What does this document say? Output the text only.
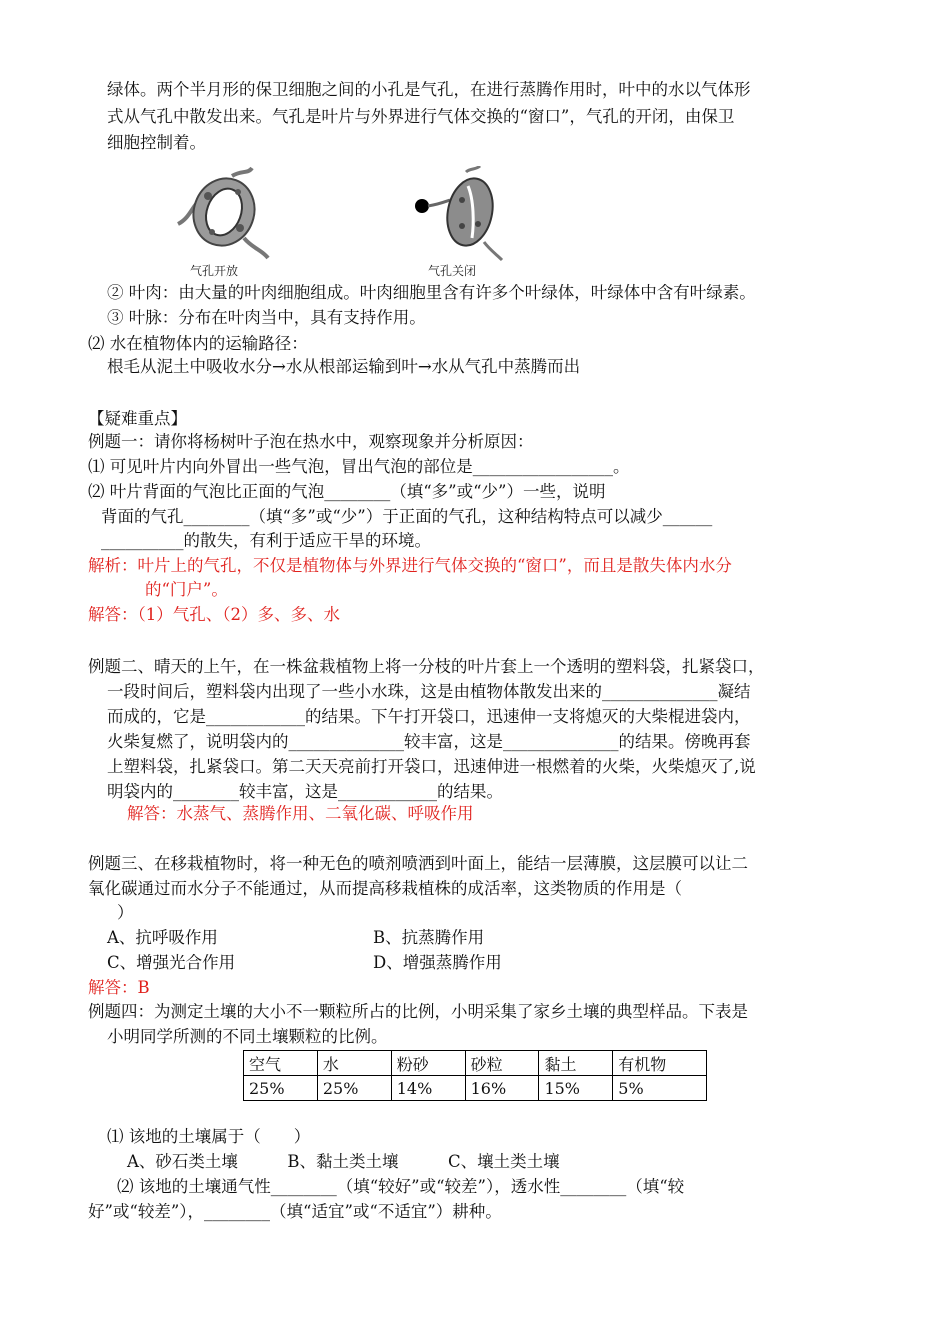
绿体。两个半月形的保卫细胞之间的小孔是气孔，在进行蒸腾作用时，叶中的水以气体形
式从气孔中散发出来。气孔是叶片与外界进行气体交换的“窗口”，气孔的开闭，由保卫
细胞控制着。
气孔开放	气孔关闭
② 叶肉：由大量的叶肉细胞组成。叶肉细胞里含有许多个叶绿体，叶绿体中含有叶绿素。
③ 叶脉：分布在叶肉当中，具有支持作用。
⑵ 水在植物体内的运输路径：
根毛从泥土中吸收水分→水从根部运输到叶→水从气孔中蒸腾而出
【疑难重点】
例题一：请你将杨树叶子泡在热水中，观察现象并分析原因：
⑴ 可见叶片内向外冒出一些气泡，冒出气泡的部位是_________________。
⑵ 叶片背面的气泡比正面的气泡________（填“多”或“少”）一些，说明
背面的气孔________（填“多”或“少”）于正面的气孔，这种结构特点可以减少______
__________的散失，有利于适应干旱的环境。
解析：叶片上的气孔，不仅是植物体与外界进行气体交换的“窗口”，而且是散失体内水分
的“门户”。
解答：（1）气孔、（2）多、多、水
例题二、晴天的上午，在一株盆栽植物上将一分枝的叶片套上一个透明的塑料袋，扎紧袋口，
一段时间后，塑料袋内出现了一些小水珠，这是由植物体散发出来的______________凝结
而成的，它是____________的结果。下午打开袋口，迅速伸一支将熄灭的大柴棍进袋内，
火柴复燃了，说明袋内的______________较丰富，这是______________的结果。傍晚再套
上塑料袋，扎紧袋口。第二天天亮前打开袋口，迅速伸进一根燃着的火柴，火柴熄灭了,说
明袋内的________较丰富，这是____________的结果。
解答：水蒸气、蒸腾作用、二氧化碳、呼吸作用
例题三、在移栽植物时，将一种无色的喷剂喷洒到叶面上，能结一层薄膜，这层膜可以让二
氧化碳通过而水分子不能通过，从而提高移栽植株的成活率，这类物质的作用是（
）
A、抗呼吸作用	B、抗蒸腾作用
C、增强光合作用	D、增强蒸腾作用
解答：B
例题四：为测定土壤的大小不一颗粒所占的比例，小明采集了家乡土壤的典型样品。下表是
小明同学所测的不同土壤颗粒的比例。
空气	水	粉砂	砂粒	黏土	有机物
25%	25%	14%	16%	15%	5%
⑴ 该地的土壤属于（　　）
A、砂石类土壤　　　B、黏土类土壤　　　C、壤土类土壤
⑵ 该地的土壤通气性________（填“较好”或“较差”），透水性________（填“较
好”或“较差”），________（填“适宜”或“不适宜”）耕种。
